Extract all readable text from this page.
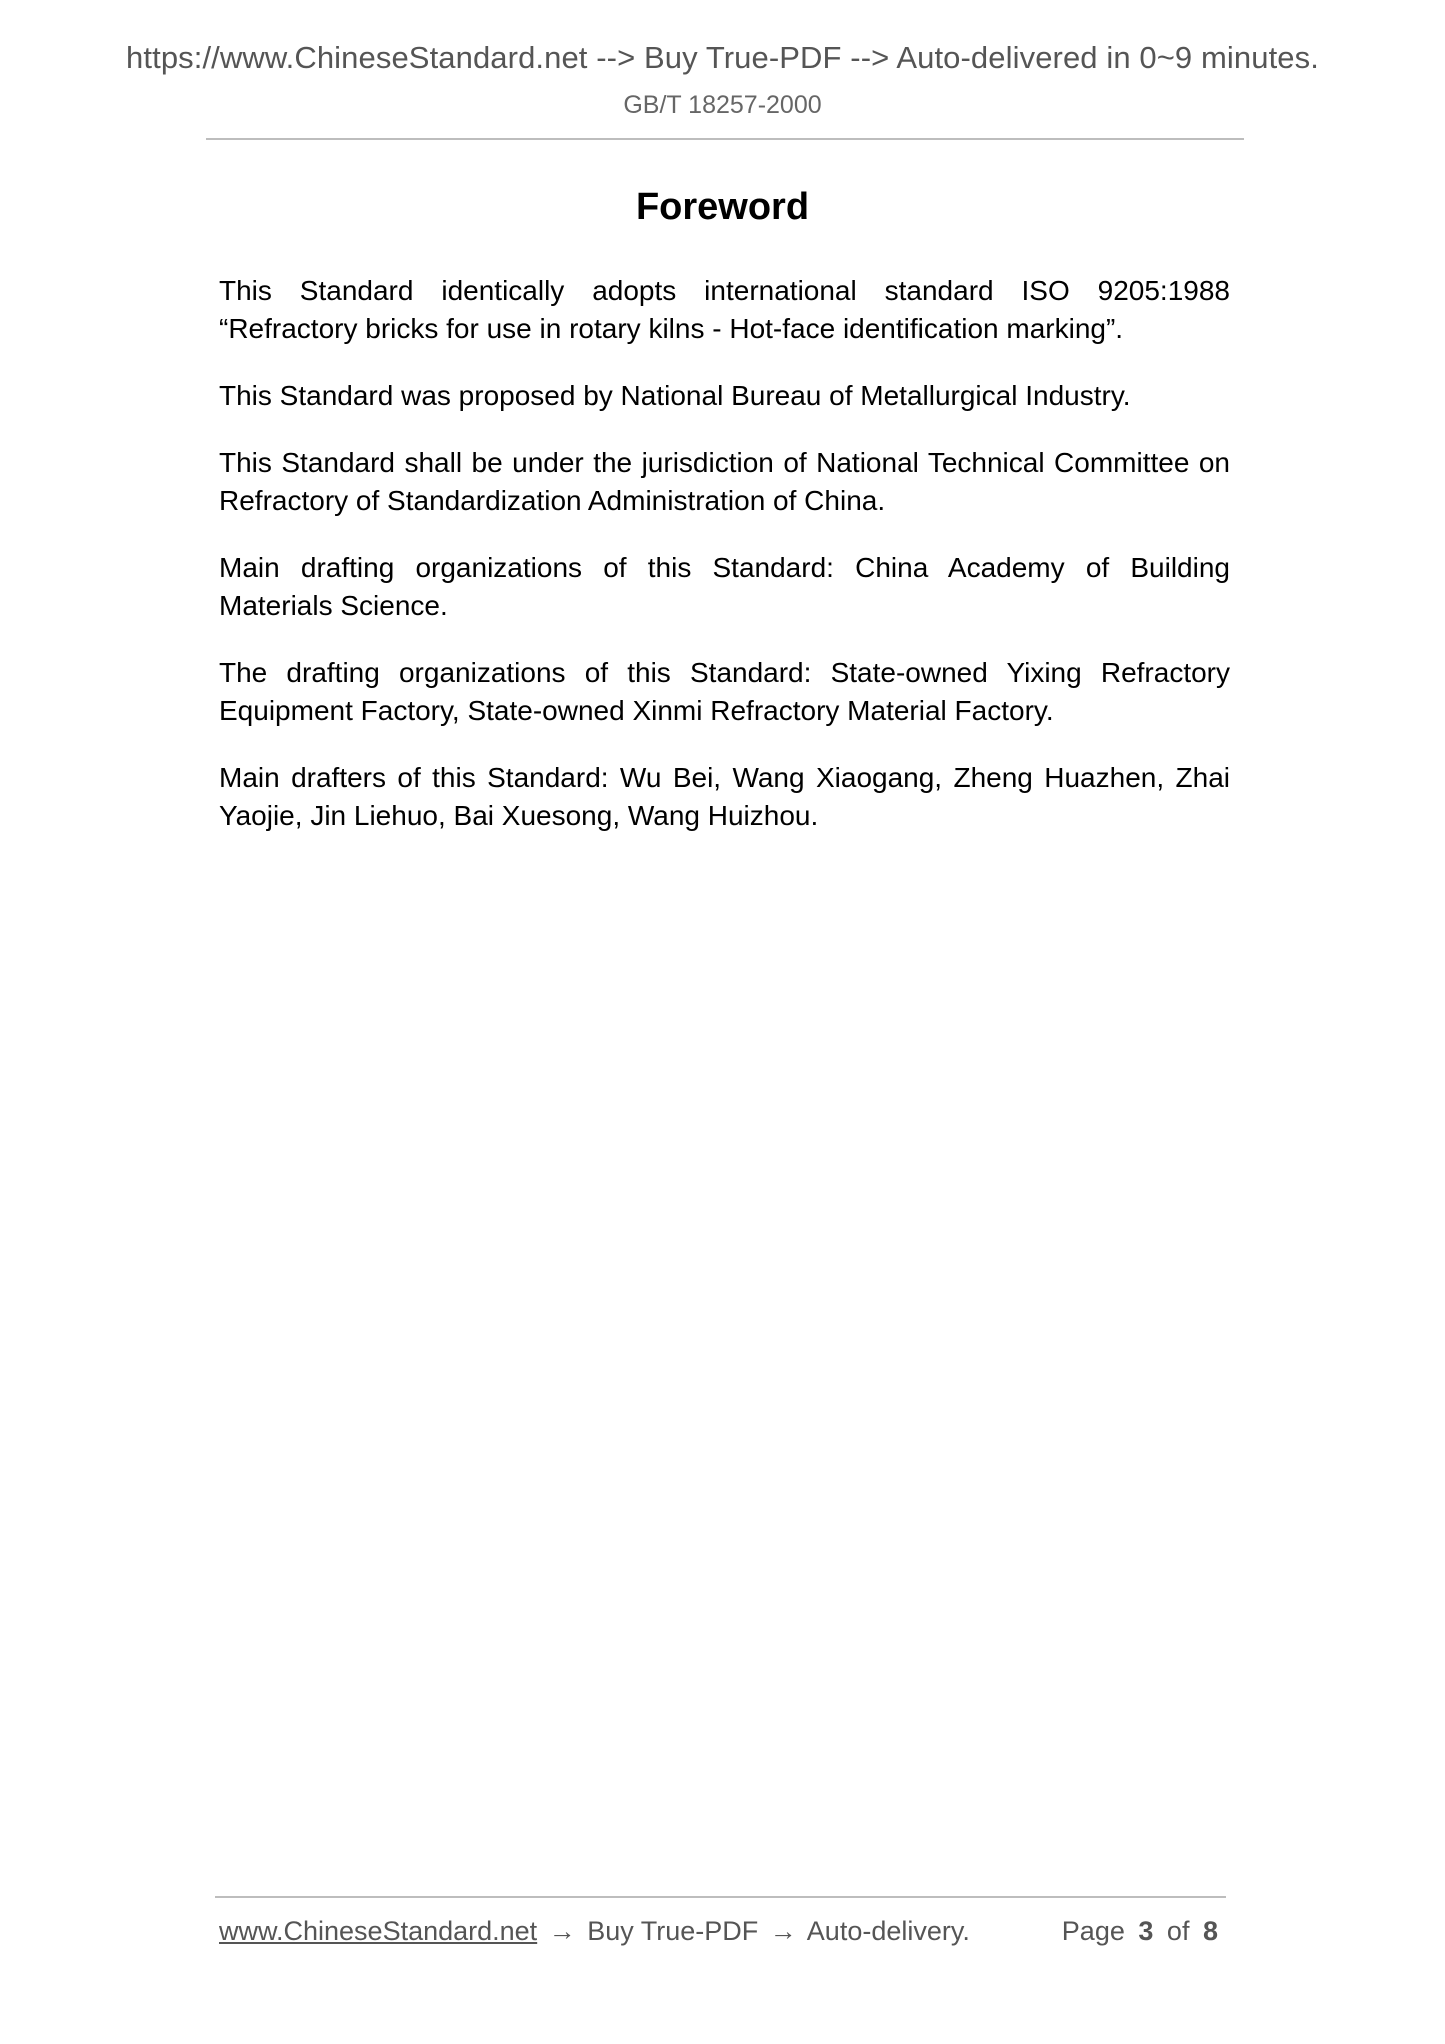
https://www.ChineseStandard.net --> Buy True-PDF --> Auto-delivered in 0~9 minutes.
GB/T 18257-2000
Foreword

This Standard identically adopts international standard ISO 9205:1988 “Refractory bricks for use in rotary kilns - Hot-face identification marking”.

This Standard was proposed by National Bureau of Metallurgical Industry.

This Standard shall be under the jurisdiction of National Technical Committee on Refractory of Standardization Administration of China.

Main drafting organizations of this Standard: China Academy of Building Materials Science.

The drafting organizations of this Standard: State-owned Yixing Refractory Equipment Factory, State-owned Xinmi Refractory Material Factory.

Main drafters of this Standard: Wu Bei, Wang Xiaogang, Zheng Huazhen, Zhai Yaojie, Jin Liehuo, Bai Xuesong, Wang Huizhou.

www.ChineseStandard.net → Buy True-PDF → Auto-delivery.	Page 3 of 8
